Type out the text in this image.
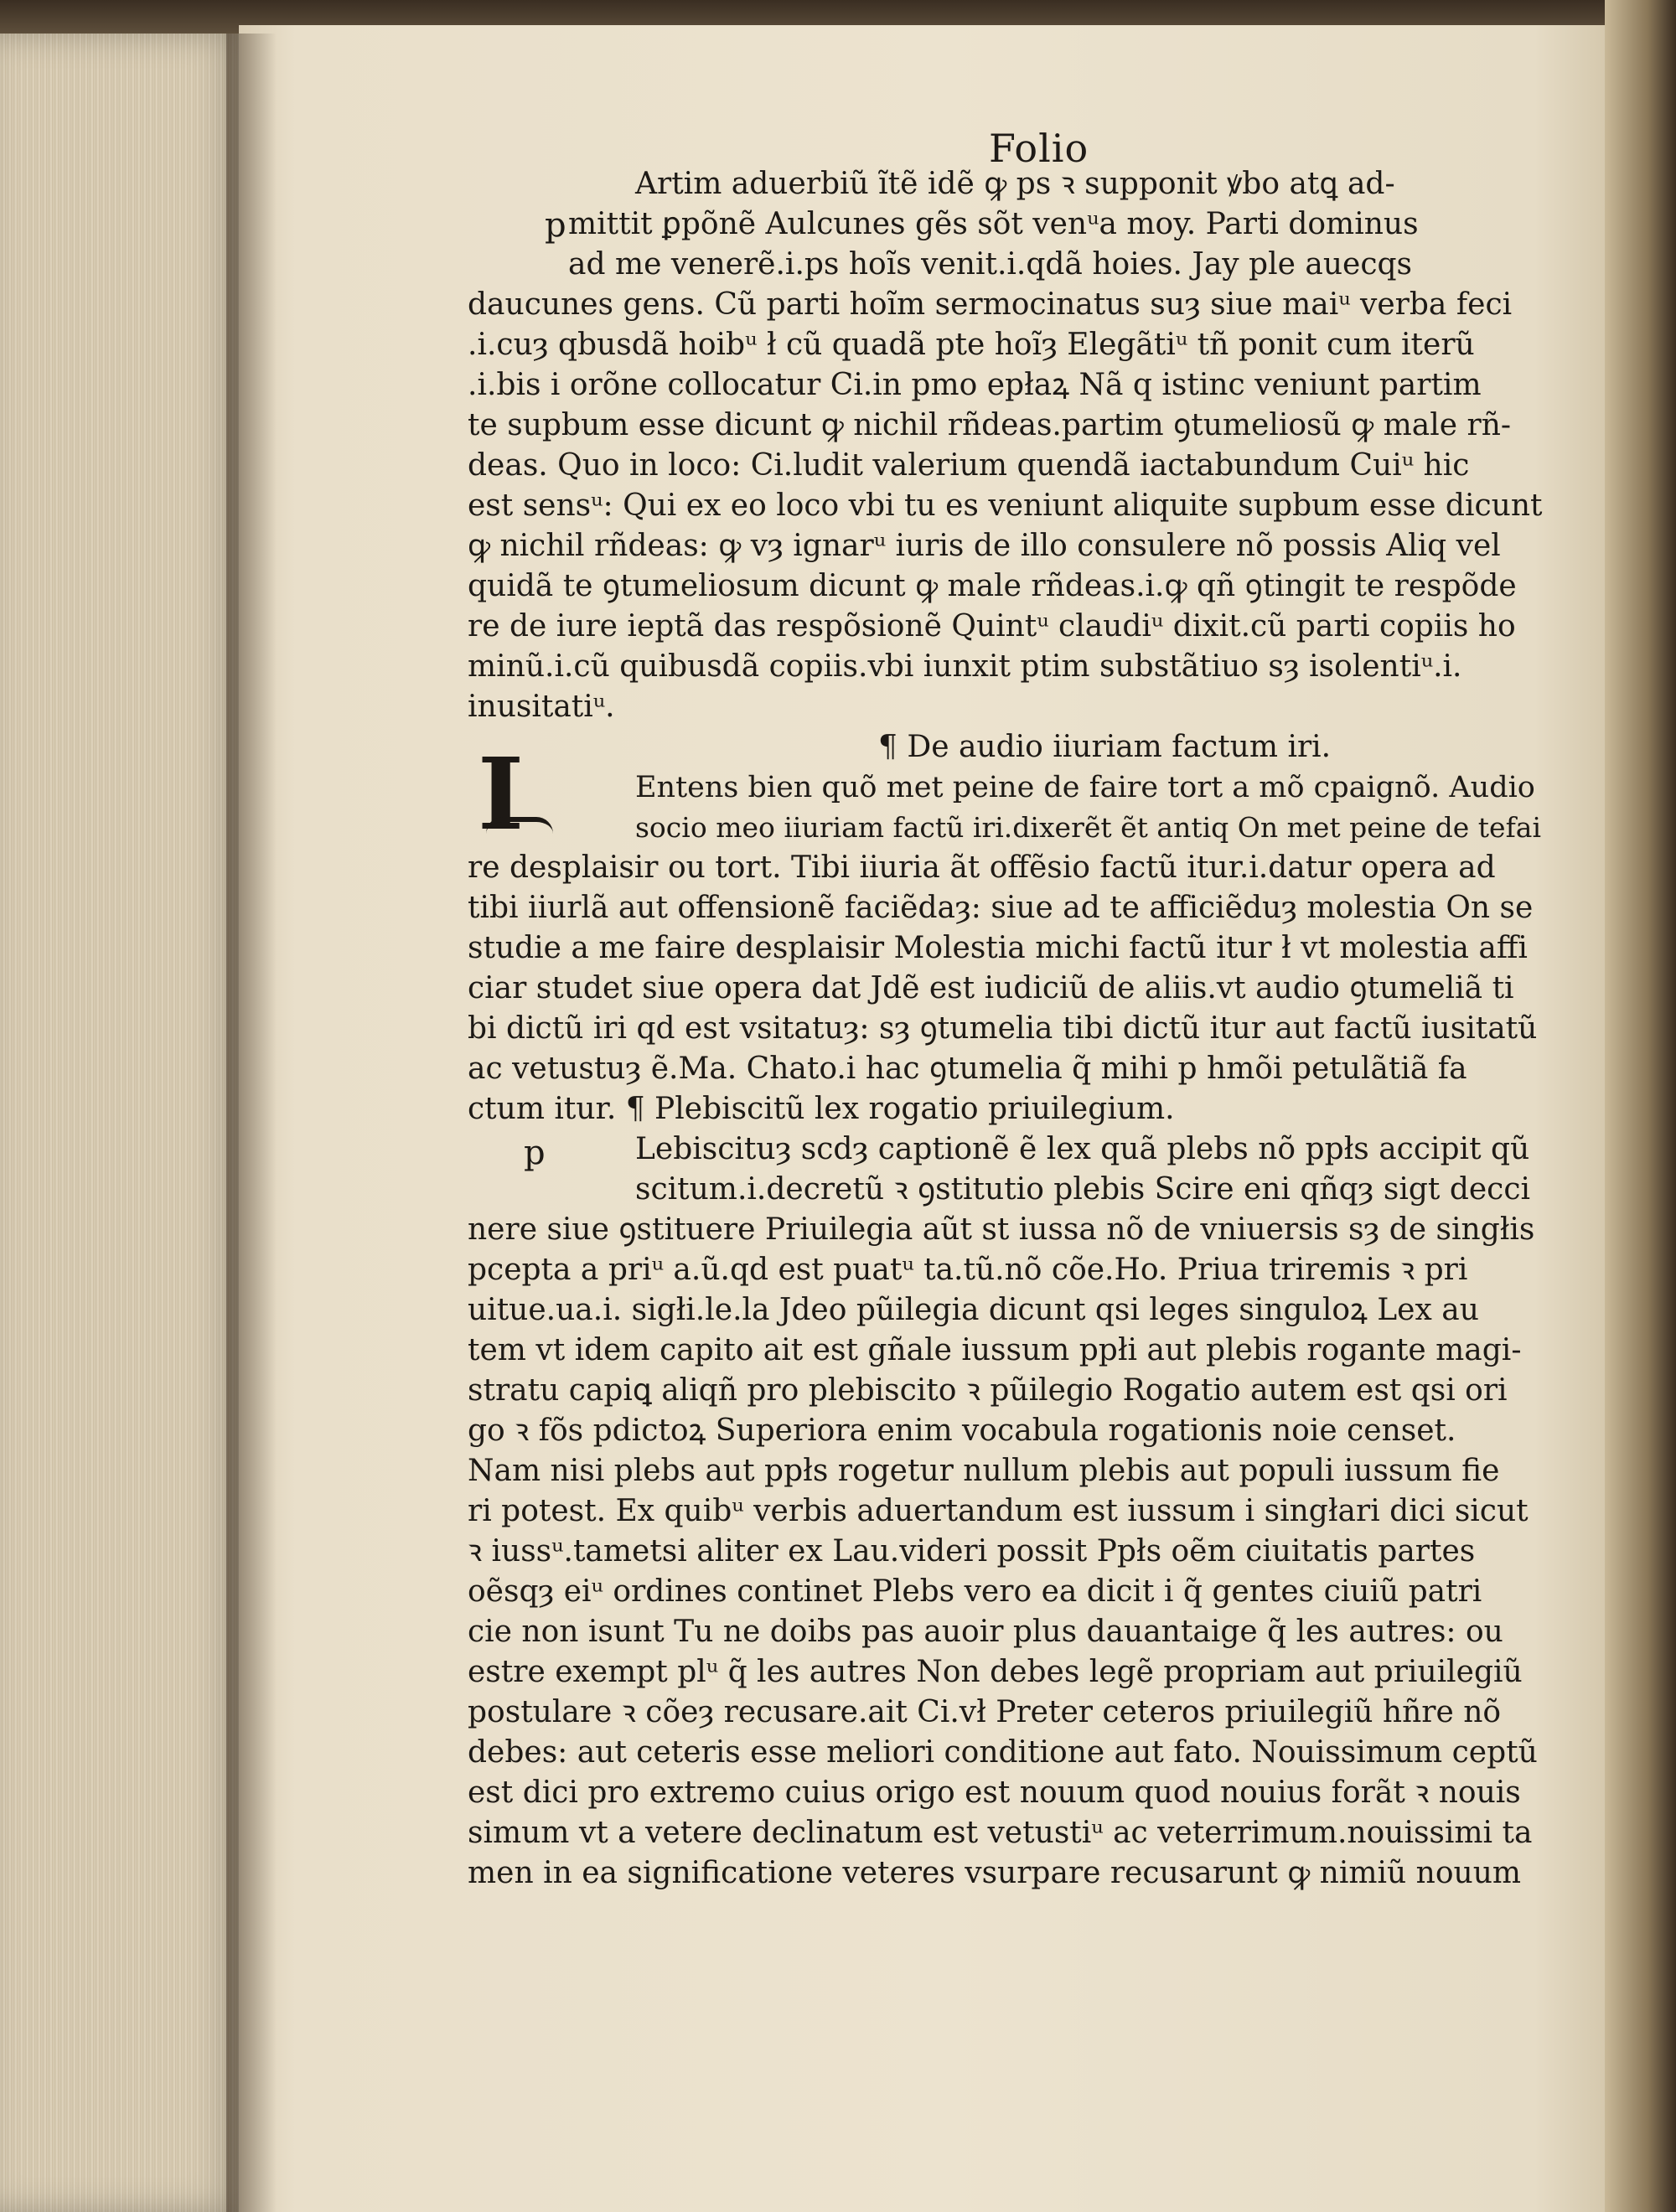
Folio
p
p
I
Artim aduerbiũ ĩtẽ idẽ ꝙ ps ꝛ supponit ꝟbo atꝗ ad-
mittit ꝑpõnẽ Aulcunes gẽs sõt venᵘa moy. Parti dominus
ad me venerẽ.i.ps hoĩs venit.i.qdã hoies. Jay ple auecqs
daucunes gens. Cũ parti hoĩm sermocinatus suȝ siue maiᵘ verba feci
.i.cuȝ qbusdã hoibᵘ ł cũ quadã pte hoĩȝ Elegãtiᵘ tñ ponit cum iterũ
.i.bis i orõne collocatur Ci.in pmo epłaꝝ Nã q istinc veniunt partim
te supbum esse dicunt ꝙ nichil rñdeas.partim ꝯtumeliosũ ꝙ male rñ-
deas. Quo in loco: Ci.ludit valerium quendã iactabundum Cuiᵘ hic
est sensᵘ: Qui ex eo loco vbi tu es veniunt aliquite supbum esse dicunt
ꝙ nichil rñdeas: ꝙ vȝ ignarᵘ iuris de illo consulere nõ possis Aliq vel
quidã te ꝯtumeliosum dicunt ꝙ male rñdeas.i.ꝙ qñ ꝯtingit te respõde
re de iure ieptã das respõsionẽ Quintᵘ claudiᵘ dixit.cũ parti copiis ho
minũ.i.cũ quibusdã copiis.vbi iunxit ptim substãtiuo sȝ isolentiᵘ.i.
inusitatiᵘ.
¶ De audio iiuriam factum iri.
Entens bien quõ met peine de faire tort a mõ cpaignõ. Audio
socio meo iiuriam factũ iri.dixerẽt ẽt antiq On met peine de tefai
re desplaisir ou tort. Tibi iiuria ãt offẽsio factũ itur.i.datur opera ad
tibi iiurlã aut offensionẽ faciẽdaȝ: siue ad te afficiẽduȝ molestia On se
studie a me faire desplaisir Molestia michi factũ itur ł vt molestia affi
ciar studet siue opera dat Jdẽ est iudiciũ de aliis.vt audio ꝯtumeliã ti
bi dictũ iri qd est vsitatuȝ: sȝ ꝯtumelia tibi dictũ itur aut factũ iusitatũ
ac vetustuȝ ẽ.Ma. Chato.i hac ꝯtumelia q̃ mihi p hmõi petulãtiã fa
ctum itur. ¶ Plebiscitũ lex rogatio priuilegium.
Lebiscituȝ scdȝ captionẽ ẽ lex quã plebs nõ ppłs accipit qũ
scitum.i.decretũ ꝛ ꝯstitutio plebis Scire eni qñqȝ sigt decci
nere siue ꝯstituere Priuilegia aũt st iussa nõ de vniuersis sȝ de singłis
pcepta a priᵘ a.ũ.qd est puatᵘ ta.tũ.nõ cõe.Ho. Priua triremis ꝛ pri
uitue.ua.i. sigłi.le.la Jdeo pũilegia dicunt qsi leges singuloꝝ Lex au
tem vt idem capito ait est gñale iussum ppłi aut plebis rogante magi-
stratu capiꝗ aliqñ pro plebiscito ꝛ pũilegio Rogatio autem est qsi ori
go ꝛ fõs pdictoꝝ Superiora enim vocabula rogationis noie censet.
Nam nisi plebs aut ppłs rogetur nullum plebis aut populi iussum fie
ri potest. Ex quibᵘ verbis aduertandum est iussum i singłari dici sicut
ꝛ iussᵘ.tametsi aliter ex Lau.videri possit Ppłs oẽm ciuitatis partes
oẽsqȝ eiᵘ ordines continet Plebs vero ea dicit i q̃ gentes ciuiũ patri
cie non isunt Tu ne doibs pas auoir plus dauantaige q̃ les autres: ou
estre exempt plᵘ q̃ les autres Non debes legẽ propriam aut priuilegiũ
postulare ꝛ cõeȝ recusare.ait Ci.vł Preter ceteros priuilegiũ hñre nõ
debes: aut ceteris esse meliori conditione aut fato. Nouissimum ceptũ
est dici pro extremo cuius origo est nouum quod nouius forãt ꝛ nouis
simum vt a vetere declinatum est vetustiᵘ ac veterrimum.nouissimi ta
men in ea significatione veteres vsurpare recusarunt ꝙ nimiũ nouum
